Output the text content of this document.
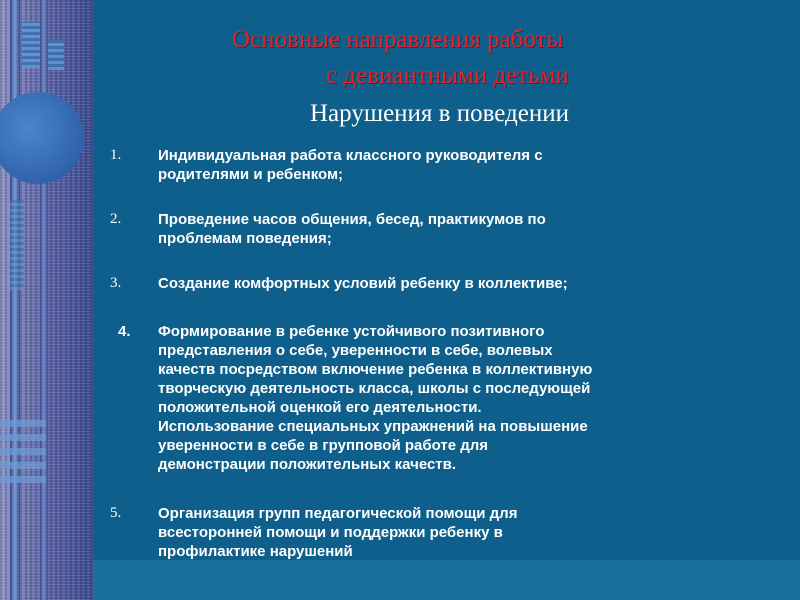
Основные направления работы
с девиантными детьми
Нарушения в поведении
1.	Индивидуальная работа классного руководителя с
родителями и ребенком;
2.	Проведение часов общения, бесед, практикумов по
проблемам поведения;
3.	Создание комфортных условий ребенку в коллективе;
4.	Формирование в ребенке устойчивого позитивного
представления о себе, уверенности в себе, волевых
качеств посредством включение ребенка в коллективную
творческую деятельность класса, школы с последующей
положительной оценкой его деятельности.
Использование специальных упражнений на повышение
уверенности в себе в групповой работе для
демонстрации положительных качеств.
5.	Организация групп педагогической помощи для
всесторонней помощи и поддержки ребенку в
профилактике нарушений
